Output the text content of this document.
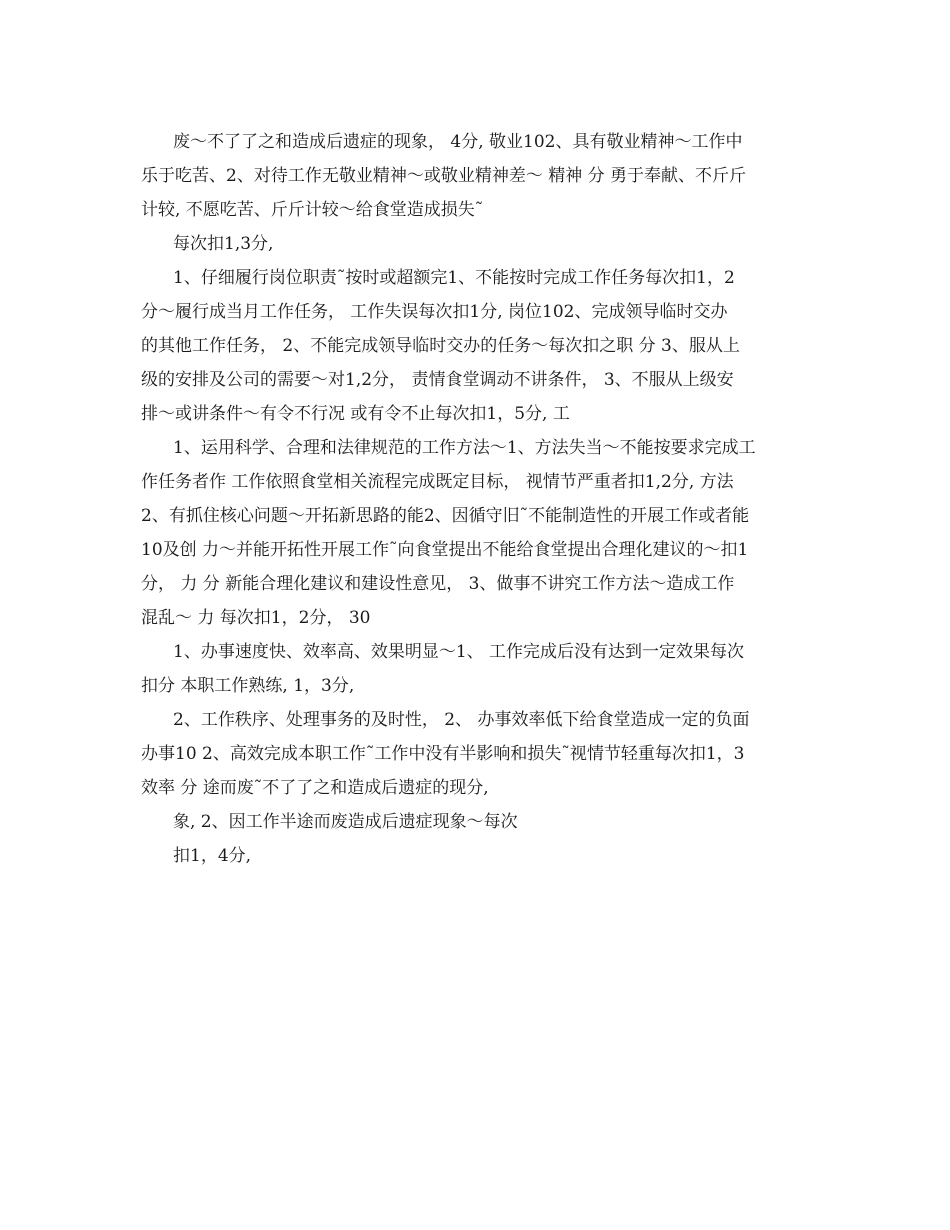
废～不了了之和造成后遗症的现象， 4分, 敬业102、具有敬业精神～工作中
乐于吃苦、2、对待工作无敬业精神～或敬业精神差～ 精神 分 勇于奉献、不斤斤
计较, 不愿吃苦、斤斤计较～给食堂造成损失˜
每次扣1,3分,
1、仔细履行岗位职责˜按时或超额完1、不能按时完成工作任务每次扣1，2
分～履行成当月工作任务， 工作失误每次扣1分, 岗位102、完成领导临时交办
的其他工作任务， 2、不能完成领导临时交办的任务～每次扣之职 分 3、服从上
级的安排及公司的需要～对1,2分， 责情食堂调动不讲条件， 3、不服从上级安
排～或讲条件～有令不行况 或有令不止每次扣1，5分, 工
1、运用科学、合理和法律规范的工作方法～1、方法失当～不能按要求完成工
作任务者作 工作依照食堂相关流程完成既定目标， 视情节严重者扣1,2分, 方法
2、有抓住核心问题～开拓新思路的能2、因循守旧˜不能制造性的开展工作或者能
10及创 力～并能开拓性开展工作˜向食堂提出不能给食堂提出合理化建议的～扣1
分， 力 分 新能合理化建议和建设性意见， 3、做事不讲究工作方法～造成工作
混乱～ 力 每次扣1，2分， 30
1、办事速度快、效率高、效果明显～1、 工作完成后没有达到一定效果每次
扣分 本职工作熟练, 1，3分,
2、工作秩序、处理事务的及时性， 2、 办事效率低下给食堂造成一定的负面
办事10 2、高效完成本职工作˜工作中没有半影响和损失˜视情节轻重每次扣1，3
效率 分 途而废˜不了了之和造成后遗症的现分,
象, 2、因工作半途而废造成后遗症现象～每次
扣1，4分,
